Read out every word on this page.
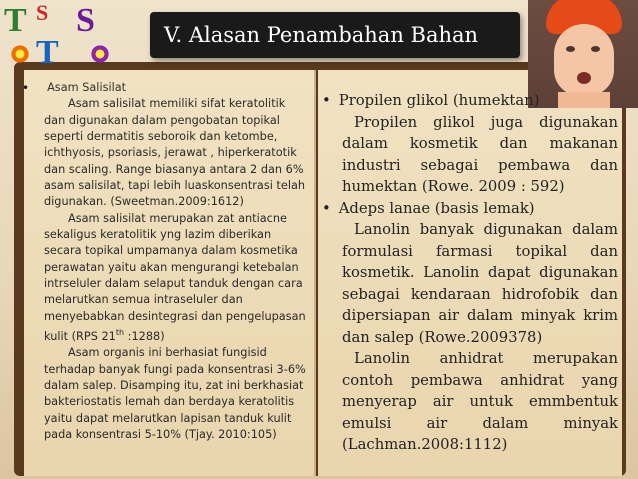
T S S
T	V. Alasan Penambahan Bahan
• Asam Salisilat

Asam salisilat memiliki sifat keratolitik dan digunakan dalam pengobatan topikal seperti dermatitis seboroik dan ketombe, ichthyosis, psoriasis, jerawat , hiperkeratotik dan scaling. Range biasanya antara 2 dan 6% asam salisilat, tapi lebih luaskonsentrasi telah digunakan. (Sweetman.2009:1612)

Asam salisilat merupakan zat antiacne sekaligus keratolitik yng lazim diberikan secara topikal umpamanya dalam kosmetika perawatan yaitu akan mengurangi ketebalan intrseluler dalam selaput tanduk dengan cara melarutkan semua intraseluler dan menyebabkan desintegrasi dan pengelupasan kulit (RPS 21th :1288)

Asam organis ini berhasiat fungisid terhadap banyak fungi pada konsentrasi 3-6% dalam salep. Disamping itu, zat ini berkhasiat bakteriostatis lemah dan berdaya keratolitis yaitu dapat melarutkan lapisan tanduk kulit pada konsentrasi 5-10% (Tjay. 2010:105)

• Propilen glikol (humektan)

Propilen glikol juga digunakan dalam kosmetik dan makanan industri sebagai pembawa dan humektan (Rowe. 2009 : 592)

• Adeps lanae (basis lemak)

Lanolin banyak digunakan dalam formulasi farmasi topikal dan kosmetik. Lanolin dapat digunakan sebagai kendaraan hidrofobik dan dipersiapan air dalam minyak krim dan salep (Rowe.2009378)

Lanolin anhidrat merupakan contoh pembawa anhidrat yang menyerap air untuk emmbentuk emulsi air dalam minyak (Lachman.2008:1112)
